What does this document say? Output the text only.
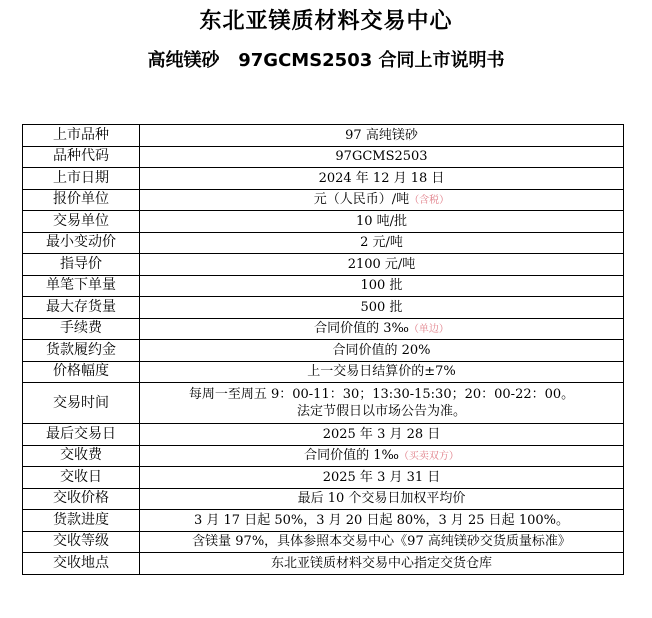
东北亚镁质材料交易中心
高纯镁砂   97GCMS2503 合同上市说明书
上市品种	97 高纯镁砂
品种代码	97GCMS2503
上市日期	2024 年 12 月 18 日
报价单位	元（人民币）/吨（含税）
交易单位	10 吨/批
最小变动价	2 元/吨
指导价	2100 元/吨
单笔下单量	100 批
最大存货量	500 批
手续费	合同价值的 3‰（单边）
货款履约金	合同价值的 20%
价格幅度	上一交易日结算价的±7%
交易时间	每周一至周五 9：00-11：30；13:30-15:30；20：00-22：00。
法定节假日以市场公告为准。

最后交易日	2025 年 3 月 28 日
交收费	合同价值的 1‰（买卖双方）
交收日	2025 年 3 月 31 日
交收价格	最后 10 个交易日加权平均价
货款进度	3 月 17 日起 50%，3 月 20 日起 80%，3 月 25 日起 100%。
交收等级	含镁量 97%，具体参照本交易中心《97 高纯镁砂交货质量标准》
交收地点	东北亚镁质材料交易中心指定交货仓库
